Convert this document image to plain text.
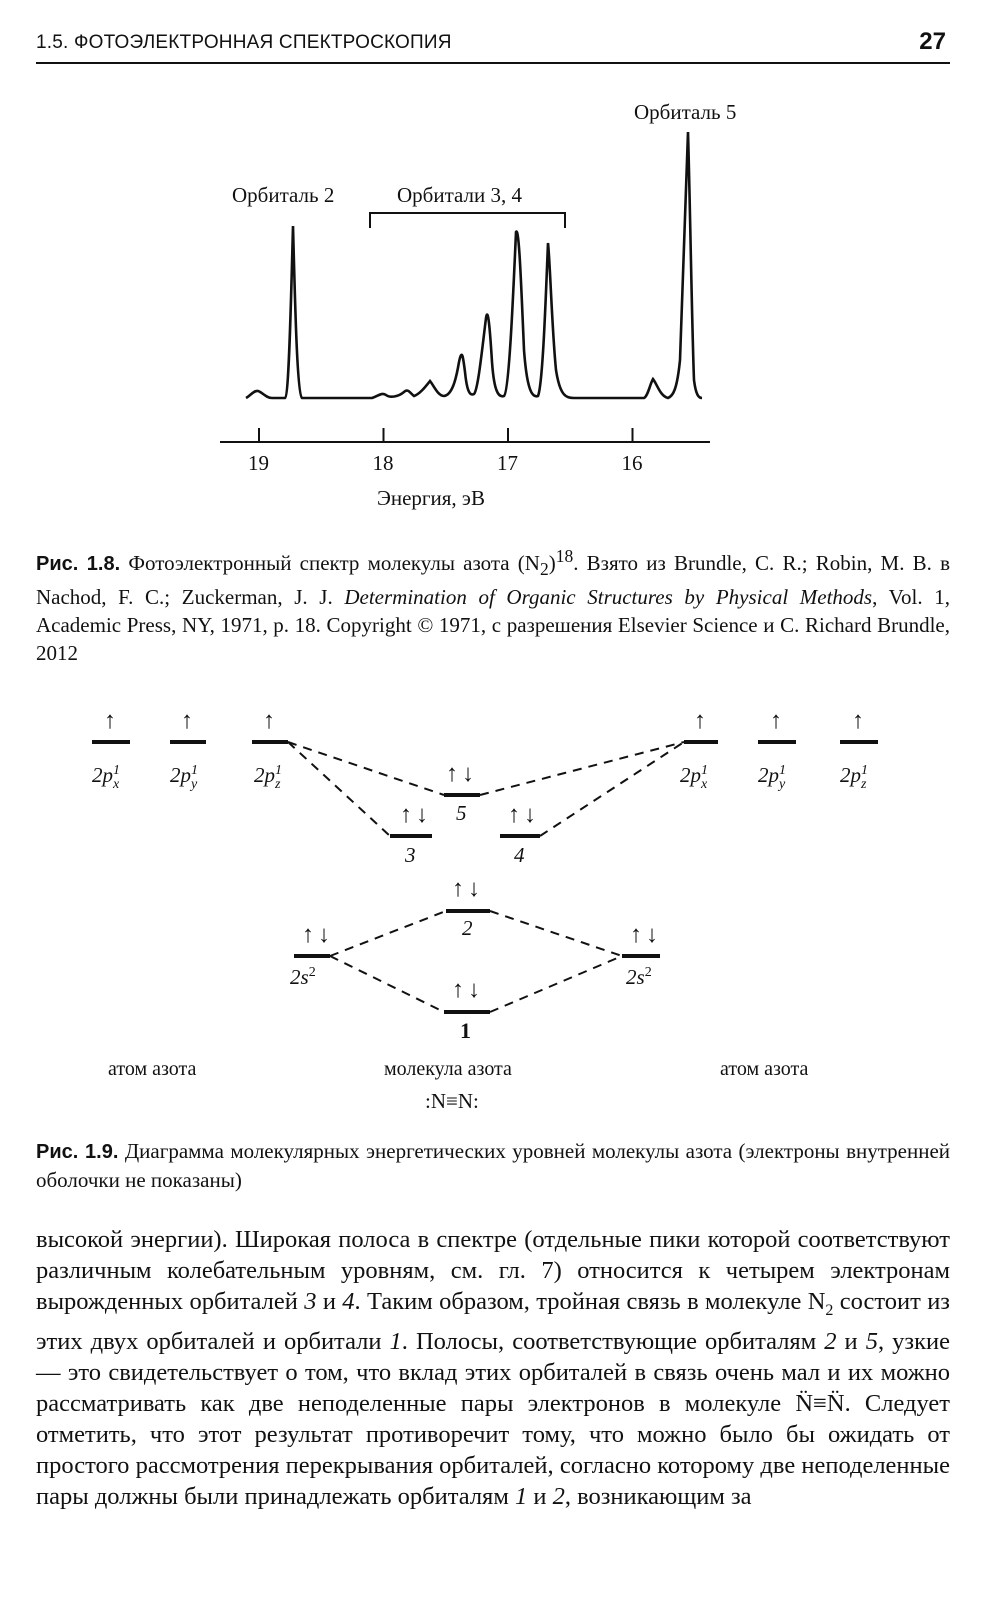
1.5. ФОТОЭЛЕКТРОННАЯ СПЕКТРОСКОПИЯ	27
Орбиталь 5
Орбиталь 2	Орбитали 3, 4
19	18	17	16
Энергия, эВ
Рис. 1.8. Фотоэлектронный спектр молекулы азота $(N_2)^{18}$. Взято из Brundle, C. R.; Robin, M. B. в Nachod, F. C.; Zuckerman, J. J. Determination of Organic Structures by Physical Methods, Vol. 1, Academic Press, NY, 1971, p. 18. Copyright © 1971, с разрешения Elsevier Science и C. Richard Brundle, 2012
↑	↑	↑	↑	↑	↑
↑ ↓
↑ ↓	↑ ↓
↑ ↓
↑ ↓
↑ ↓	↑ ↓
$2p^1$ x $2p^1$ y	$2p^1$ z	$2p^1$ x $2p^1$ y	$2p^1$ z
5
3	4
2
$2s^2$	$2s^2$
1
атом азота	молекула азота
:N≡N:
атом азота
Рис. 1.9. Диаграмма молекулярных энергетических уровней молекулы азота (электроны внутренней оболочки не показаны)

высокой энергии). Широкая полоса в спектре (отдельные пики которой соответствуют различным колебательным уровням, см. гл. 7) относится к четырем электронам вырожденных орбиталей 3 и 4. Таким образом, тройная связь в молекуле $N_2$ состоит из этих двух орбиталей и орбитали 1. Полосы, соответствующие орбиталям 2 и 5, узкие — это свидетельствует о том, что вклад этих орбиталей в связь очень мал и их можно рассматривать как две неподеленные пары электронов в молекуле N̈≡N̈. Следует отметить, что этот результат противоречит тому, что можно было бы ожидать от простого рассмотрения перекрывания орбиталей, согласно которому две неподеленные пары должны были принадлежать орбиталям 1 и 2, возникающим за
